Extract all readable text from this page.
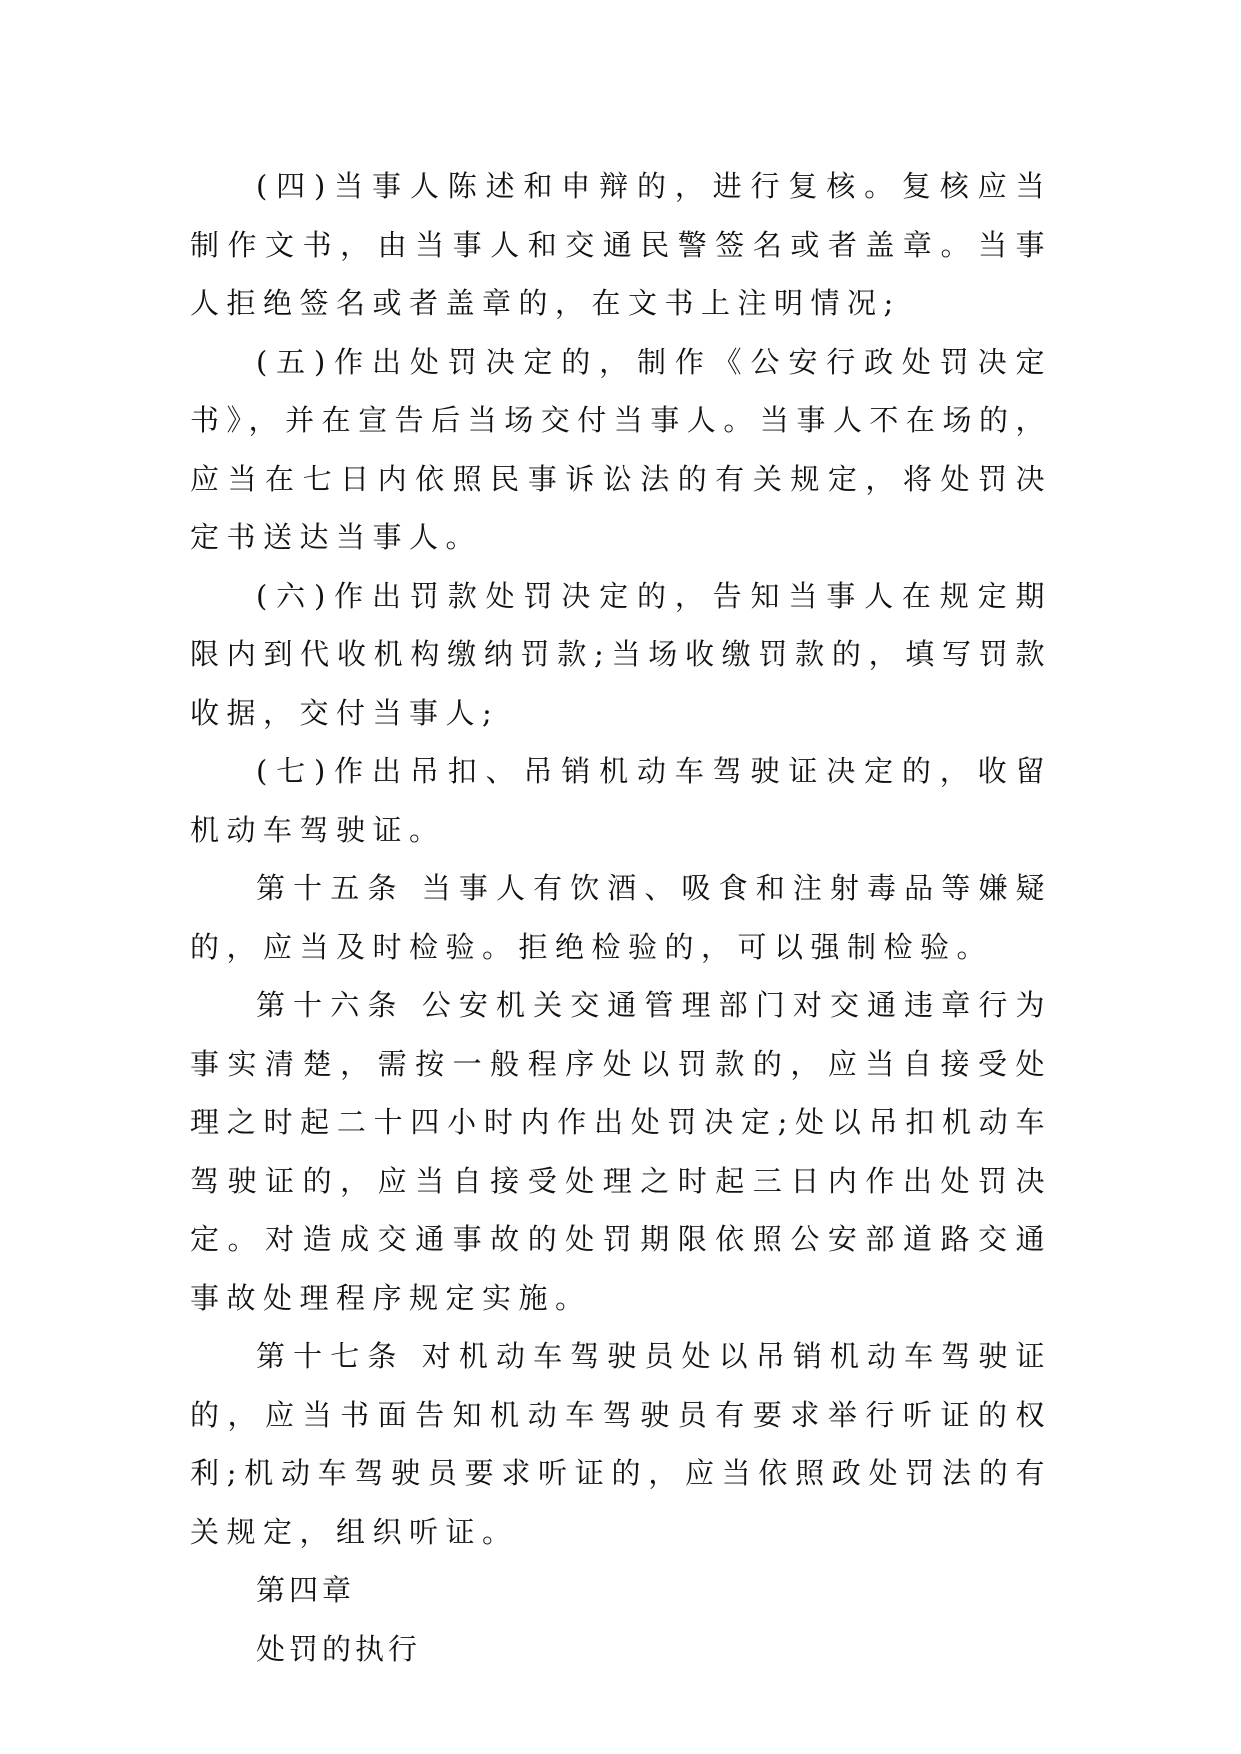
(四)当事人陈述和申辩的，进行复核。复核应当制作文书，由当事人和交通民警签名或者盖章。当事人拒绝签名或者盖章的，在文书上注明情况;

(五)作出处罚决定的，制作《公安行政处罚决定书》，并在宣告后当场交付当事人。当事人不在场的，应当在七日内依照民事诉讼法的有关规定，将处罚决定书送达当事人。

(六)作出罚款处罚决定的，告知当事人在规定期限内到代收机构缴纳罚款;当场收缴罚款的，填写罚款收据，交付当事人;

(七)作出吊扣、吊销机动车驾驶证决定的，收留机动车驾驶证。

第十五条 当事人有饮酒、吸食和注射毒品等嫌疑的，应当及时检验。拒绝检验的，可以强制检验。

第十六条 公安机关交通管理部门对交通违章行为事实清楚，需按一般程序处以罚款的，应当自接受处理之时起二十四小时内作出处罚决定;处以吊扣机动车驾驶证的，应当自接受处理之时起三日内作出处罚决定。对造成交通事故的处罚期限依照公安部道路交通事故处理程序规定实施。

第十七条 对机动车驾驶员处以吊销机动车驾驶证的，应当书面告知机动车驾驶员有要求举行听证的权利;机动车驾驶员要求听证的，应当依照政处罚法的有关规定，组织听证。

第四章

处罚的执行
